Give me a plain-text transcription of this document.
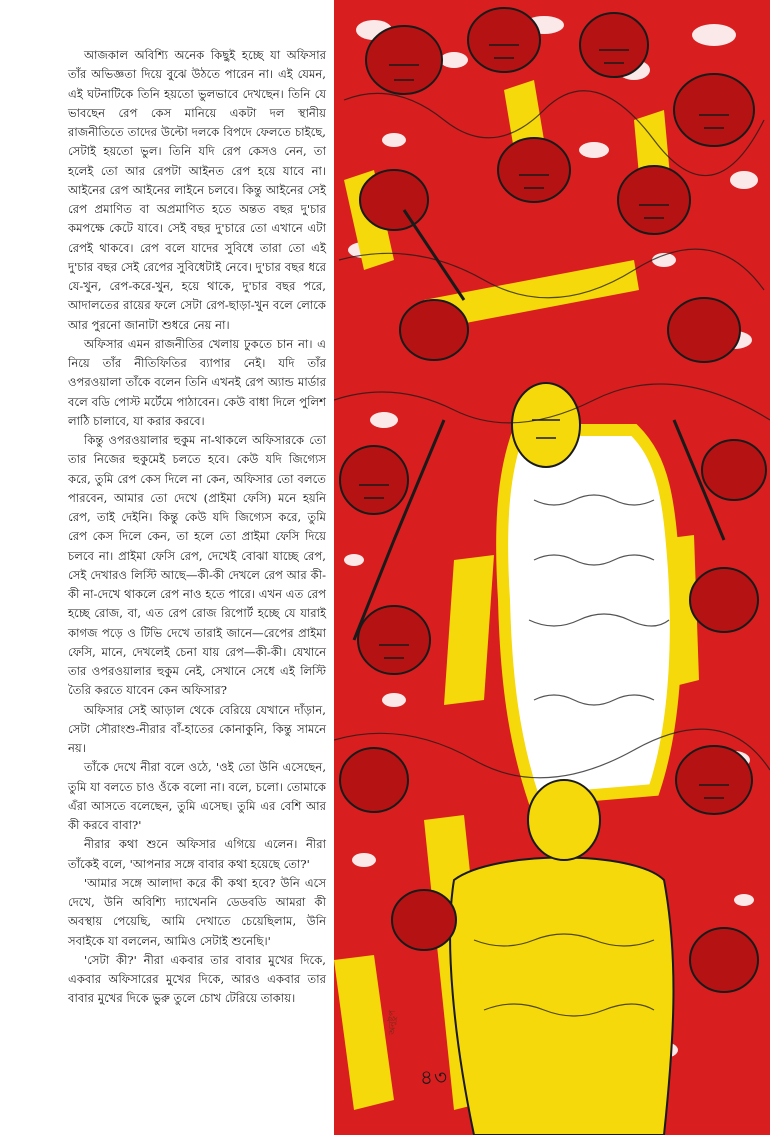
আজকাল অবিশ্যি অনেক কিছুই হচ্ছে যা অফিসার তাঁর অভিজ্ঞতা দিয়ে বুঝে উঠতে পারেন না। এই যেমন, এই ঘটনাটিকে তিনি হয়তো ভুলভাবে দেখছেন। তিনি যে ভাবছেন রেপ কেস মানিয়ে একটা দল স্থানীয় রাজনীতিতে তাদের উল্টো দলকে বিপদে ফেলতে চাইছে, সেটাই হয়তো ভুল। তিনি যদি রেপ কেসও নেন, তা হলেই তো আর রেপটা আইনত রেপ হয়ে যাবে না। আইনের রেপ আইনের লাইনে চলবে। কিন্তু আইনের সেই রেপ প্রমাণিত বা অপ্রমাণিত হতে অন্তত বছর দু'চার কমপক্ষে কেটে যাবে। সেই বছর দু'চারে তো এখানে এটা রেপই থাকবে। রেপ বলে যাদের সুবিধে তারা তো এই দু'চার বছর সেই রেপের সুবিধেটাই নেবে। দু'চার বছর ধরে যে-খুন, রেপ-করে-খুন, হয়ে থাকে, দু'চার বছর পরে, আদালতের রায়ের ফলে সেটা রেপ-ছাড়া-খুন বলে লোকে আর পুরনো জানাটা শুধরে নেয় না।

অফিসার এমন রাজনীতির খেলায় ঢুকতে চান না। এ নিয়ে তাঁর নীতিফিতির ব্যাপার নেই। যদি তাঁর ওপরওয়ালা তাঁকে বলেন তিনি এখনই রেপ অ্যান্ড মার্ডার বলে বডি পোস্ট মর্টেমে পাঠাবেন। কেউ বাধা দিলে পুলিশ লাঠি চালাবে, যা করার করবে।

কিন্তু ওপরওয়ালার হুকুম না-থাকলে অফিসারকে তো তার নিজের হুকুমেই চলতে হবে। কেউ যদি জিগ্যেস করে, তুমি রেপ কেস দিলে না কেন, অফিসার তো বলতে পারবেন, আমার তো দেখে (প্রাইমা ফেসি) মনে হয়নি রেপ, তাই দেইনি। কিন্তু কেউ যদি জিগ্যেস করে, তুমি রেপ কেস দিলে কেন, তা হলে তো প্রাইমা ফেসি দিয়ে চলবে না। প্রাইমা ফেসি রেপ, দেখেই বোঝা যাচ্ছে রেপ, সেই দেখারও লিস্টি আছে—কী-কী দেখলে রেপ আর কী-কী না-দেখে থাকলে রেপ নাও হতে পারে। এখন এত রেপ হচ্ছে রোজ, বা, এত রেপ রোজ রিপোর্ট হচ্ছে যে যারাই কাগজ পড়ে ও টিভি দেখে তারাই জানে—রেপের প্রাইমা ফেসি, মানে, দেখলেই চেনা যায় রেপ—কী-কী। যেখানে তার ওপরওয়ালার হুকুম নেই, সেখানে সেধে এই লিস্টি তৈরি করতে যাবেন কেন অফিসার?

অফিসার সেই আড়াল থেকে বেরিয়ে যেখানে দাঁড়ান, সেটা সৌরাংশু-নীরার বাঁ-হাতের কোনাকুনি, কিন্তু সামনে নয়।

তাঁকে দেখে নীরা বলে ওঠে, 'ওই তো উনি এসেছেন, তুমি যা বলতে চাও ওঁকে বলো না। বলে, চলো। তোমাকে এঁরা আসতে বলেছেন, তুমি এসেছ। তুমি এর বেশি আর কী করবে বাবা?'

নীরার কথা শুনে অফিসার এগিয়ে এলেন। নীরা তাঁকেই বলে, 'আপনার সঙ্গে বাবার কথা হয়েছে তো?'

'আমার সঙ্গে আলাদা করে কী কথা হবে? উনি এসে দেখে, উনি অবিশ্যি দ্যাখেননি ডেডবডি আমরা কী অবস্থায় পেয়েছি, আমি দেখাতে চেয়েছিলাম, উনি সবাইকে যা বললেন, আমিও সেটাই শুনেছি।'

'সেটা কী?' নীরা একবার তার বাবার মুখের দিকে, একবার অফিসারের মুখের দিকে, আরও একবার তার বাবার মুখের দিকে ভুরু তুলে চোখ টেরিয়ে তাকায়।

অনুষ্টুপ
৪৩
